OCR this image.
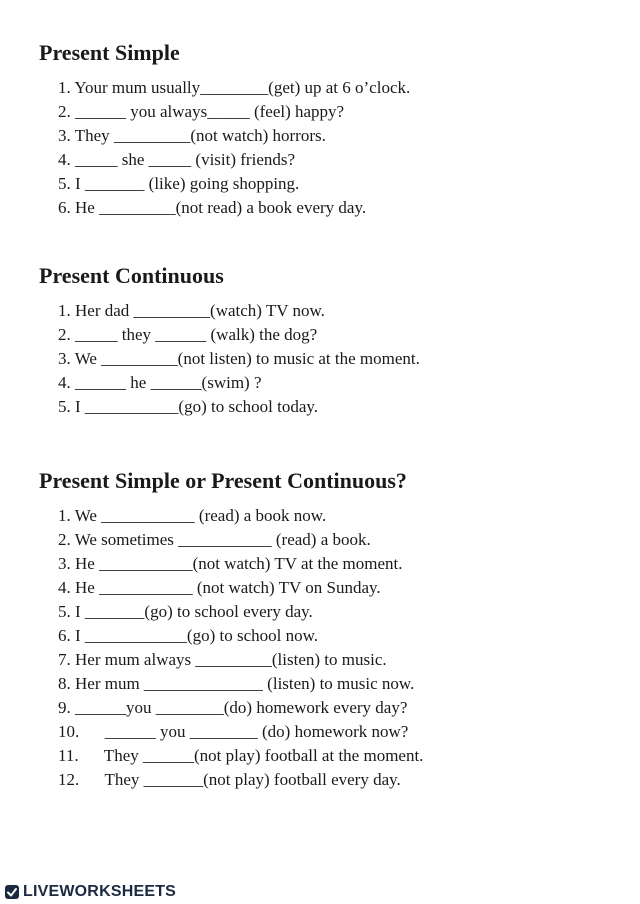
Present Simple

1. Your mum usually________(get) up at 6 o’clock.

2. ______ you always_____ (feel) happy?

3. They _________(not watch) horrors.

4. _____ she _____ (visit) friends?

5. I _______ (like) going shopping.

6. He _________(not read) a book every day.

Present Continuous

1. Her dad _________(watch) TV now.

2. _____ they ______ (walk) the dog?

3. We _________(not listen) to music at the moment.

4. ______ he ______(swim) ?

5. I ___________(go) to school today.

Present Simple or Present Continuous?

1. We ___________ (read) a book now.

2. We sometimes ___________ (read) a book.

3. He ___________(not watch) TV at the moment.

4. He ___________ (not watch) TV on Sunday.

5. I _______(go) to school every day.

6. I ____________(go) to school now.

7. Her mum always _________(listen) to music.

8. Her mum ______________ (listen) to music now.

9. ______you ________(do) homework every day?

10.      ______ you ________ (do) homework now?

11.      They ______(not play) football at the moment.

12.      They _______(not play) football every day.

LIVEWORKSHEETS
